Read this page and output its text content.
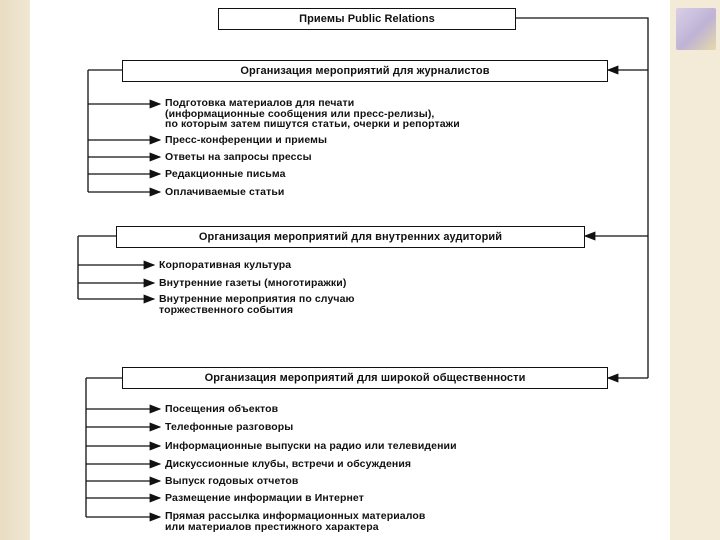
Приемы Public Relations
Организация мероприятий для журналистов
Подготовка материалов для печати
(информационные сообщения или пресс-релизы),
по которым затем пишутся статьи, очерки и репортажи
Пресс-конференции и приемы
Ответы на запросы прессы
Редакционные письма
Оплачиваемые статьи
Организация мероприятий для внутренних аудиторий
Корпоративная культура
Внутренние газеты (многотиражки)
Внутренние мероприятия по случаю
торжественного события
Организация мероприятий для широкой общественности
Посещения объектов
Телефонные разговоры
Информационные выпуски на радио или телевидении
Дискуссионные клубы, встречи и обсуждения
Выпуск годовых отчетов
Размещение информации в Интернет
Прямая рассылка информационных материалов
или материалов престижного характера
